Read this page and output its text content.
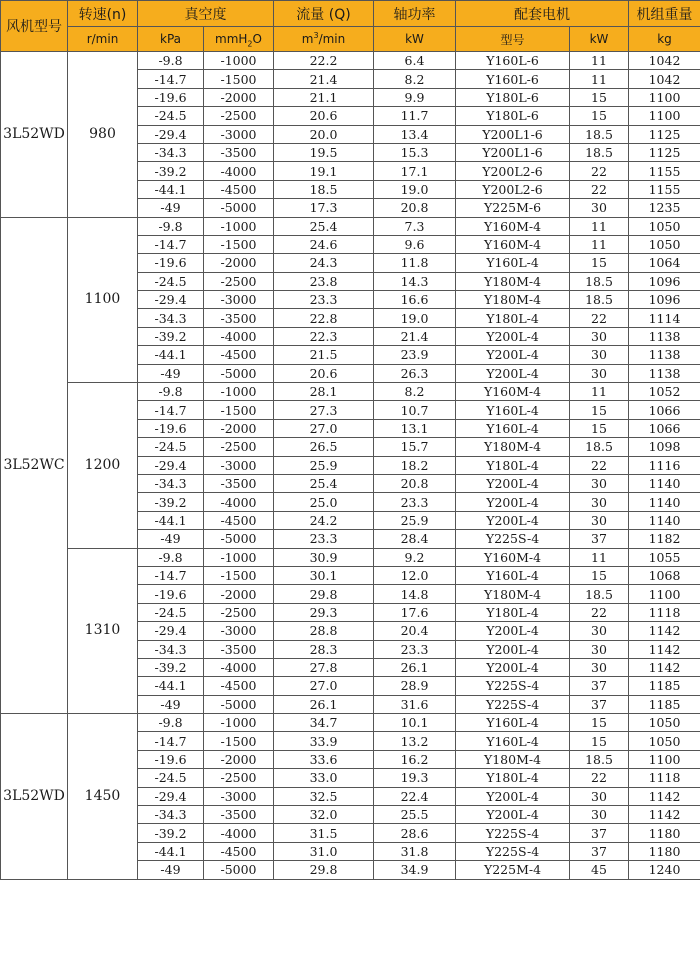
风机型号	转速(n)	真空度		流量 (Q)	轴功率	配套电机		机组重量
	r/min	kPa	mmH$_2$O	$m^3/\min$	kW	型号	kW	kg
3L52WD	980	-9.8	-1000	22.2	6.4	Y160L-6	11	1042
		-14.7	-1500	21.4	8.2	Y160L-6	11	1042
		-19.6	-2000	21.1	9.9	Y180L-6	15	1100
		-24.5	-2500	20.6	11.7	Y180L-6	15	1100
		-29.4	-3000	20.0	13.4	Y200L1-6	18.5	1125
		-34.3	-3500	19.5	15.3	Y200L1-6	18.5	1125
		-39.2	-4000	19.1	17.1	Y200L2-6	22	1155
		-44.1	-4500	18.5	19.0	Y200L2-6	22	1155
		-49	-5000	17.3	20.8	Y225M-6	30	1235
3L52WC	1100	-9.8	-1000	25.4	7.3	Y160M-4	11	1050
		-14.7	-1500	24.6	9.6	Y160M-4	11	1050
		-19.6	-2000	24.3	11.8	Y160L-4	15	1064
		-24.5	-2500	23.8	14.3	Y180M-4	18.5	1096
		-29.4	-3000	23.3	16.6	Y180M-4	18.5	1096
		-34.3	-3500	22.8	19.0	Y180L-4	22	1114
		-39.2	-4000	22.3	21.4	Y200L-4	30	1138
		-44.1	-4500	21.5	23.9	Y200L-4	30	1138
		-49	-5000	20.6	26.3	Y200L-4	30	1138
	1200	-9.8	-1000	28.1	8.2	Y160M-4	11	1052
		-14.7	-1500	27.3	10.7	Y160L-4	15	1066
		-19.6	-2000	27.0	13.1	Y160L-4	15	1066
		-24.5	-2500	26.5	15.7	Y180M-4	18.5	1098
		-29.4	-3000	25.9	18.2	Y180L-4	22	1116
		-34.3	-3500	25.4	20.8	Y200L-4	30	1140
		-39.2	-4000	25.0	23.3	Y200L-4	30	1140
		-44.1	-4500	24.2	25.9	Y200L-4	30	1140
		-49	-5000	23.3	28.4	Y225S-4	37	1182
	1310	-9.8	-1000	30.9	9.2	Y160M-4	11	1055
		-14.7	-1500	30.1	12.0	Y160L-4	15	1068
		-19.6	-2000	29.8	14.8	Y180M-4	18.5	1100
		-24.5	-2500	29.3	17.6	Y180L-4	22	1118
		-29.4	-3000	28.8	20.4	Y200L-4	30	1142
		-34.3	-3500	28.3	23.3	Y200L-4	30	1142
		-39.2	-4000	27.8	26.1	Y200L-4	30	1142
		-44.1	-4500	27.0	28.9	Y225S-4	37	1185
		-49	-5000	26.1	31.6	Y225S-4	37	1185
3L52WD	1450	-9.8	-1000	34.7	10.1	Y160L-4	15	1050
		-14.7	-1500	33.9	13.2	Y160L-4	15	1050
		-19.6	-2000	33.6	16.2	Y180M-4	18.5	1100
		-24.5	-2500	33.0	19.3	Y180L-4	22	1118
		-29.4	-3000	32.5	22.4	Y200L-4	30	1142
		-34.3	-3500	32.0	25.5	Y200L-4	30	1142
		-39.2	-4000	31.5	28.6	Y225S-4	37	1180
		-44.1	-4500	31.0	31.8	Y225S-4	37	1180
		-49	-5000	29.8	34.9	Y225M-4	45	1240
